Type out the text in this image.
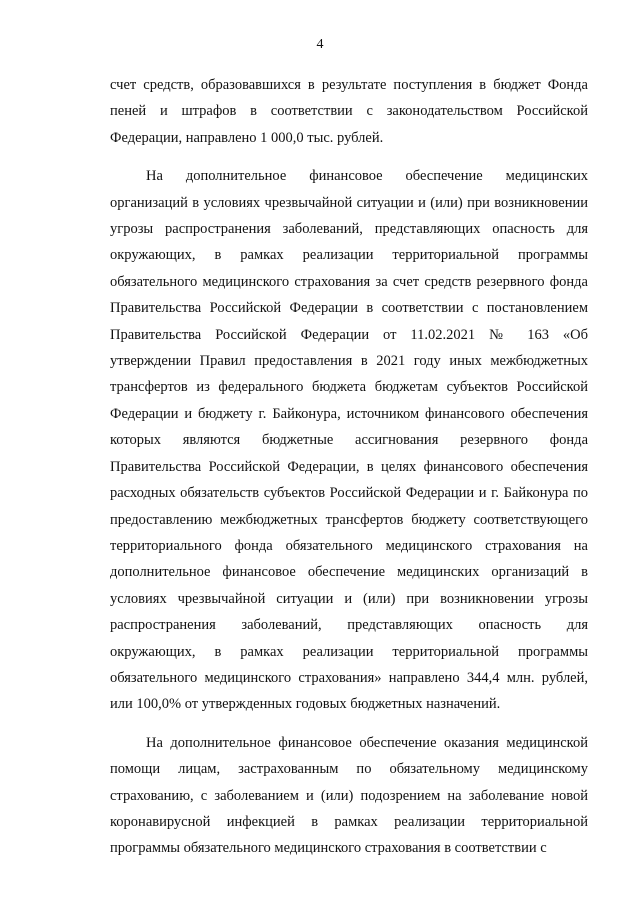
4

счет средств, образовавшихся в результате поступления в бюджет Фонда пеней и штрафов в соответствии с законодательством Российской Федерации, направлено 1 000,0 тыс. рублей.

На дополнительное финансовое обеспечение медицинских организаций в условиях чрезвычайной ситуации и (или) при возникновении угрозы распространения заболеваний, представляющих опасность для окружающих, в рамках реализации территориальной программы обязательного медицинского страхования за счет средств резервного фонда Правительства Российской Федерации в соответствии с постановлением Правительства Российской Федерации от 11.02.2021 № 163 «Об утверждении Правил предоставления в 2021 году иных межбюджетных трансфертов из федерального бюджета бюджетам субъектов Российской Федерации и бюджету г. Байконура, источником финансового обеспечения которых являются бюджетные ассигнования резервного фонда Правительства Российской Федерации, в целях финансового обеспечения расходных обязательств субъектов Российской Федерации и г. Байконура по предоставлению межбюджетных трансфертов бюджету соответствующего территориального фонда обязательного медицинского страхования на дополнительное финансовое обеспечение медицинских организаций в условиях чрезвычайной ситуации и (или) при возникновении угрозы распространения заболеваний, представляющих опасность для окружающих, в рамках реализации территориальной программы обязательного медицинского страхования» направлено 344,4 млн. рублей, или 100,0% от утвержденных годовых бюджетных назначений.

На дополнительное финансовое обеспечение оказания медицинской помощи лицам, застрахованным по обязательному медицинскому страхованию, с заболеванием и (или) подозрением на заболевание новой коронавирусной инфекцией в рамках реализации территориальной программы обязательного медицинского страхования в соответствии с
